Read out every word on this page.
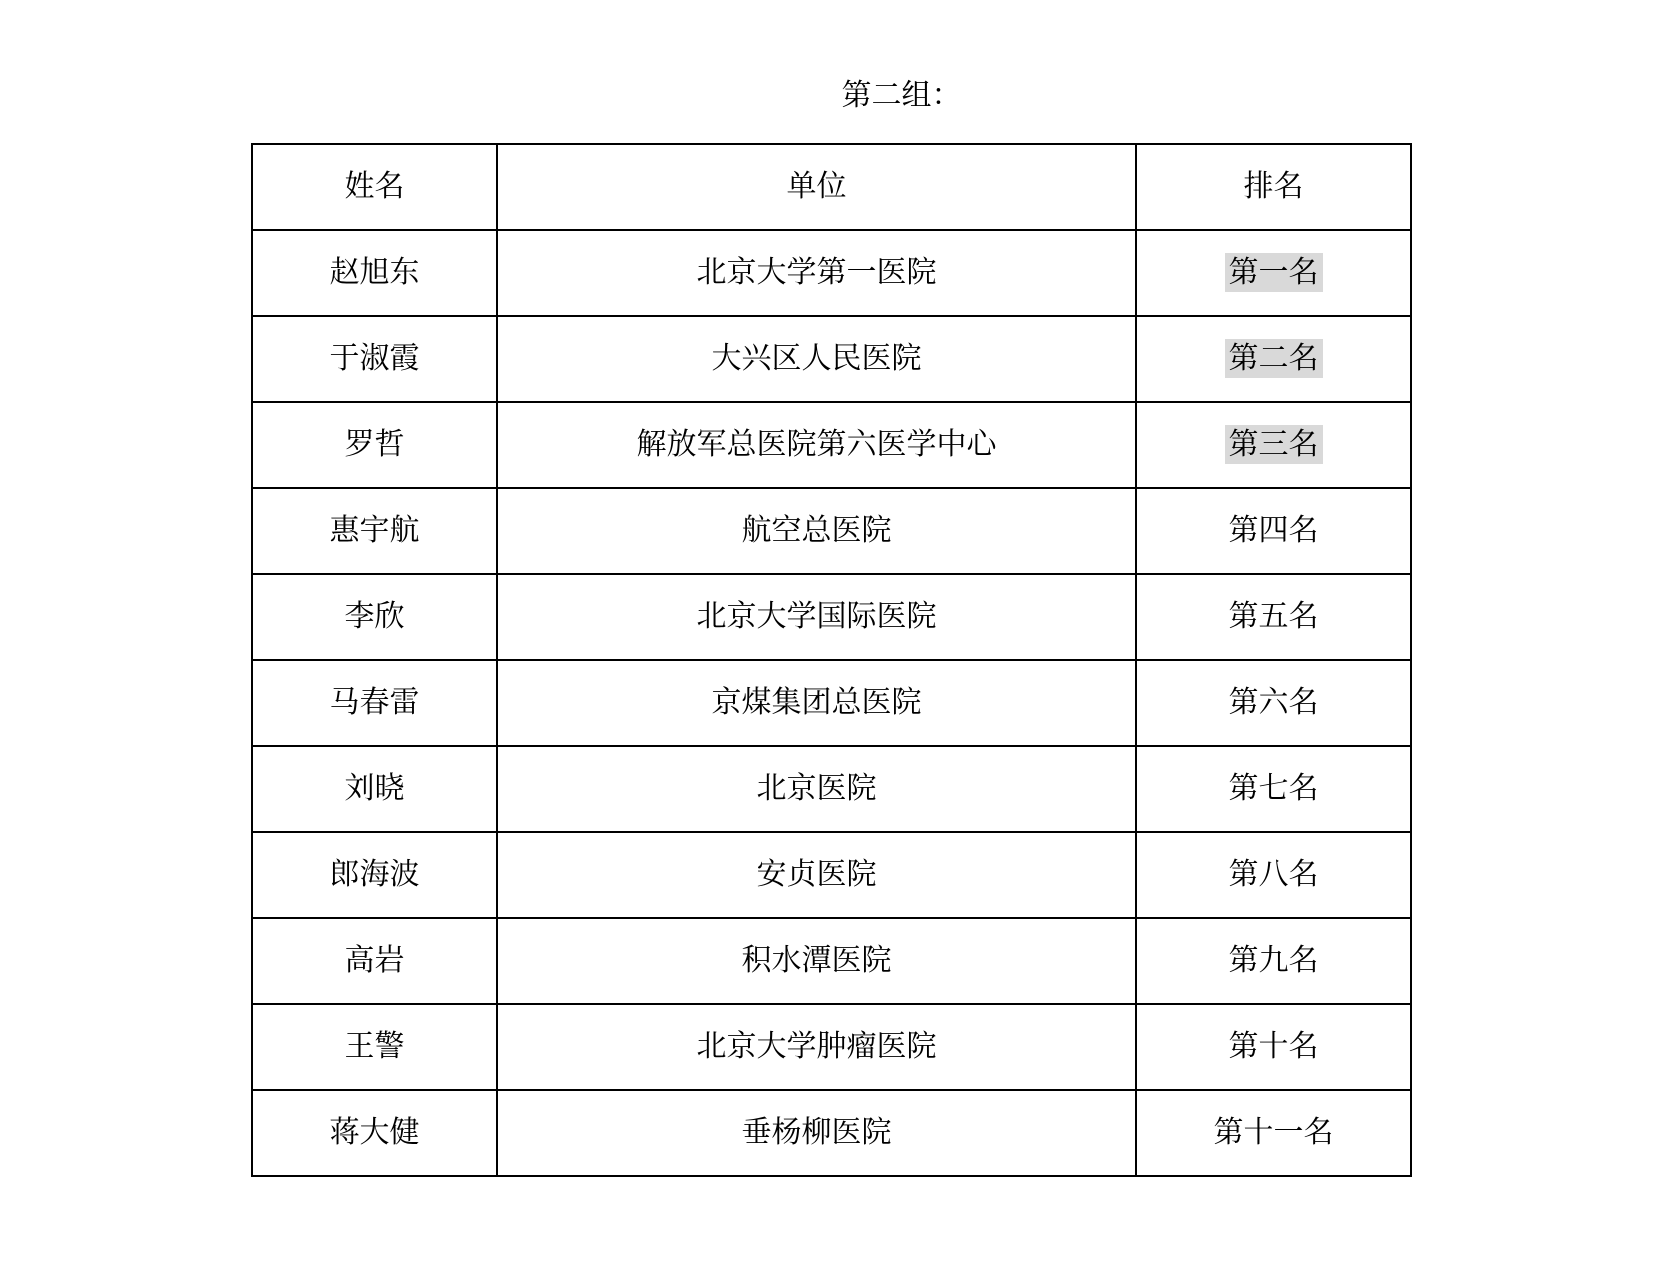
第二组：
姓名	单位	排名
赵旭东	北京大学第一医院	第一名
于淑霞	大兴区人民医院	第二名
罗哲	解放军总医院第六医学中心	第三名
惠宇航	航空总医院	第四名
李欣	北京大学国际医院	第五名
马春雷	京煤集团总医院	第六名
刘晓	北京医院	第七名
郎海波	安贞医院	第八名
高岩	积水潭医院	第九名
王警	北京大学肿瘤医院	第十名
蒋大健	垂杨柳医院	第十一名
